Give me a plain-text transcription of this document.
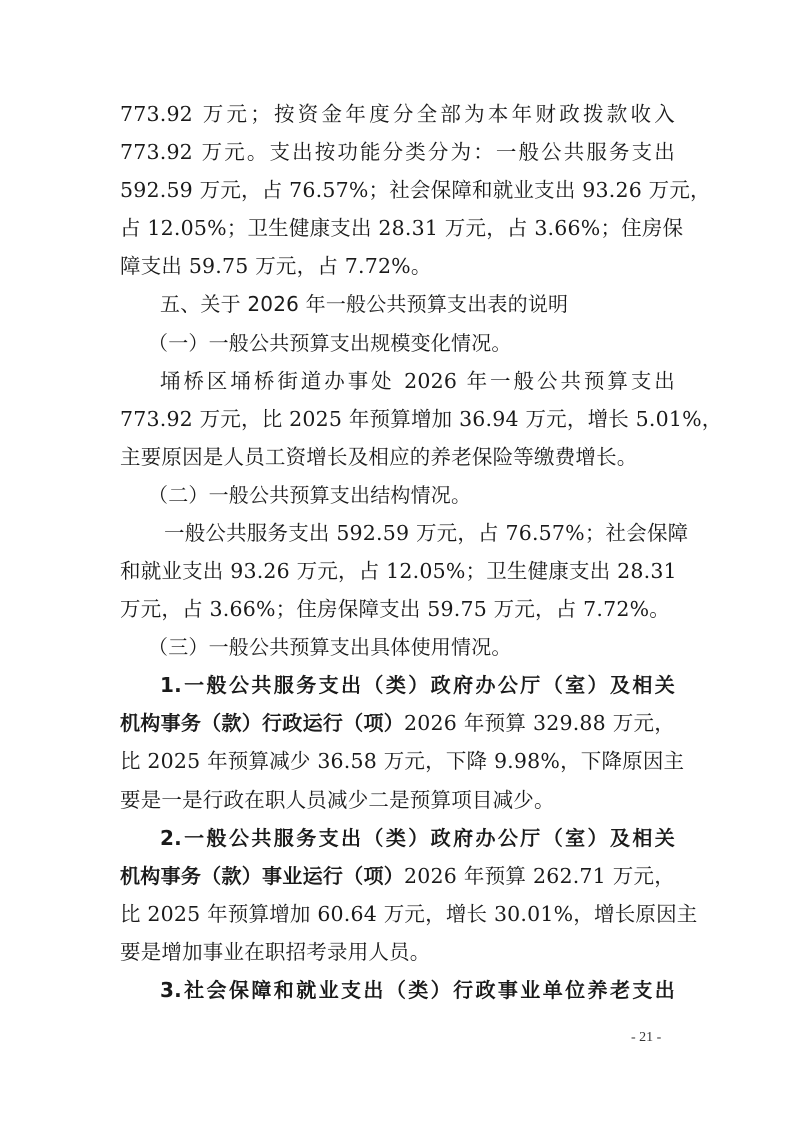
773.92 万元；按资金年度分全部为本年财政拨款收入
773.92 万元。支出按功能分类分为：一般公共服务支出
592.59 万元，占 76.57%；社会保障和就业支出 93.26 万元，
占 12.05%；卫生健康支出 28.31 万元，占 3.66%；住房保
障支出 59.75 万元，占 7.72%。
五、关于 2026 年一般公共预算支出表的说明
（一）一般公共预算支出规模变化情况。
埇桥区埇桥街道办事处 2026 年一般公共预算支出
773.92 万元，比 2025 年预算增加 36.94 万元，增长 5.01%，
主要原因是人员工资增长及相应的养老保险等缴费增长。
（二）一般公共预算支出结构情况。
一般公共服务支出 592.59 万元，占 76.57%；社会保障
和就业支出 93.26 万元，占 12.05%；卫生健康支出 28.31
万元，占 3.66%；住房保障支出 59.75 万元，占 7.72%。
（三）一般公共预算支出具体使用情况。
1.一般公共服务支出（类）政府办公厅（室）及相关
机构事务（款）行政运行（项）2026 年预算 329.88 万元，
比 2025 年预算减少 36.58 万元，下降 9.98%，下降原因主
要是一是行政在职人员减少二是预算项目减少。
2.一般公共服务支出（类）政府办公厅（室）及相关
机构事务（款）事业运行（项）2026 年预算 262.71 万元，
比 2025 年预算增加 60.64 万元，增长 30.01%，增长原因主
要是增加事业在职招考录用人员。
3.社会保障和就业支出（类）行政事业单位养老支出
- 21 -
